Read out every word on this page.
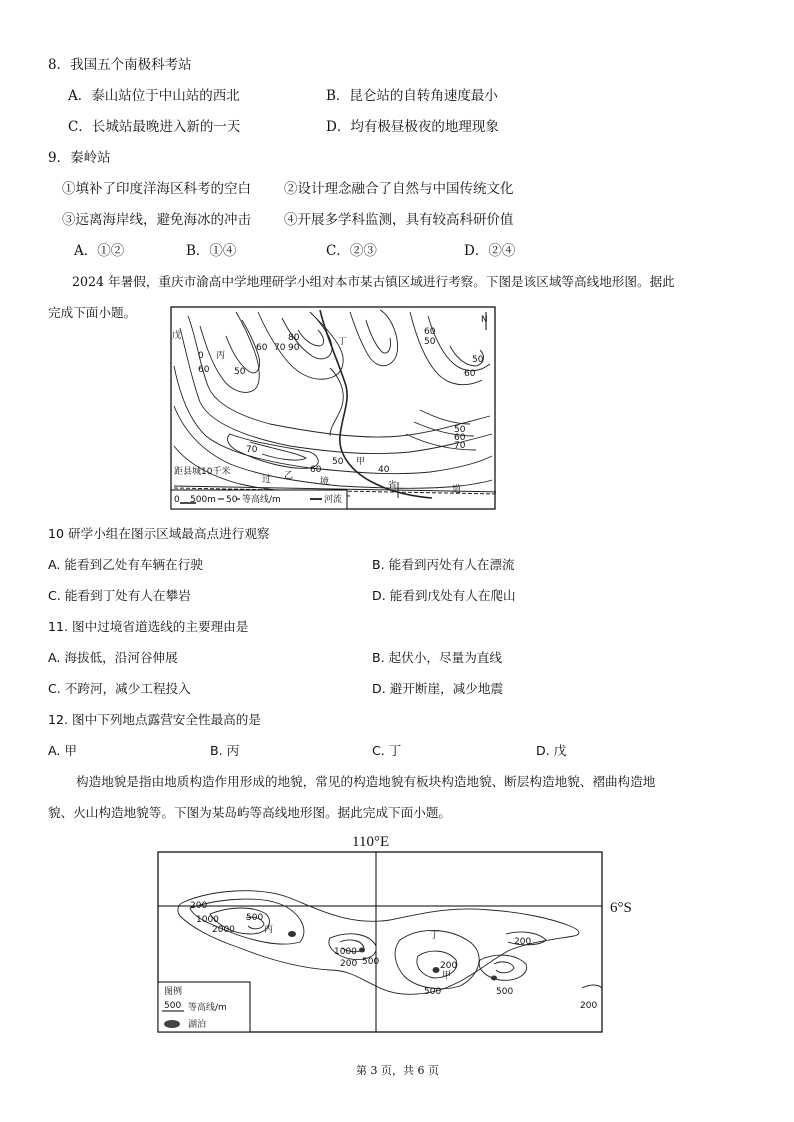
8．我国五个南极科考站
A．泰山站位于中山站的西北	B．昆仑站的自转角速度最小
C．长城站最晚进入新的一天	D．均有极昼极夜的地理现象
9．秦岭站
①填补了印度洋海区科考的空白 ②设计理念融合了自然与中国传统文化
③远离海岸线，避免海冰的冲击 ④开展多学科监测，具有较高科研价值
A．①②	B．①④	C．②③	D．②④
2024 年暑假，重庆市渝高中学地理研学小组对本市某古镇区域进行考察。下图是该区域等高线地形图。据此
完成下面小题。	N
戊
0 丙
60	50
60 70
80
90
丁
60
50
50
60
50
60
70
70
60
50 甲
40
乙
距县城10千米
过	境	省	道
0 500m 50 等高线/m	河流
10 研学小组在图示区域最高点进行观察
A. 能看到乙处有车辆在行驶	B. 能看到丙处有人在漂流
C. 能看到丁处有人在攀岩	D. 能看到戊处有人在爬山
11. 图中过境省道选线的主要理由是
A. 海拔低，沿河谷伸展	B. 起伏小，尽量为直线
C. 不跨河，减少工程投入	D. 避开断崖，减少地震
12. 图中下列地点露营安全性最高的是
A. 甲	B. 丙	C. 丁	D. 戊
构造地貌是指由地质构造作用形成的地貌，常见的构造地貌有板块构造地貌、断层构造地貌、褶曲构造地
貌、火山构造地貌等。下图为某岛屿等高线地形图。据此完成下面小题。
110°E
6°S
200
1000
2000
500
丙
1000
200 500
丁
200
200
甲
500	500
200
图例
500 等高线/m
湖泊
第 3 页，共 6 页
